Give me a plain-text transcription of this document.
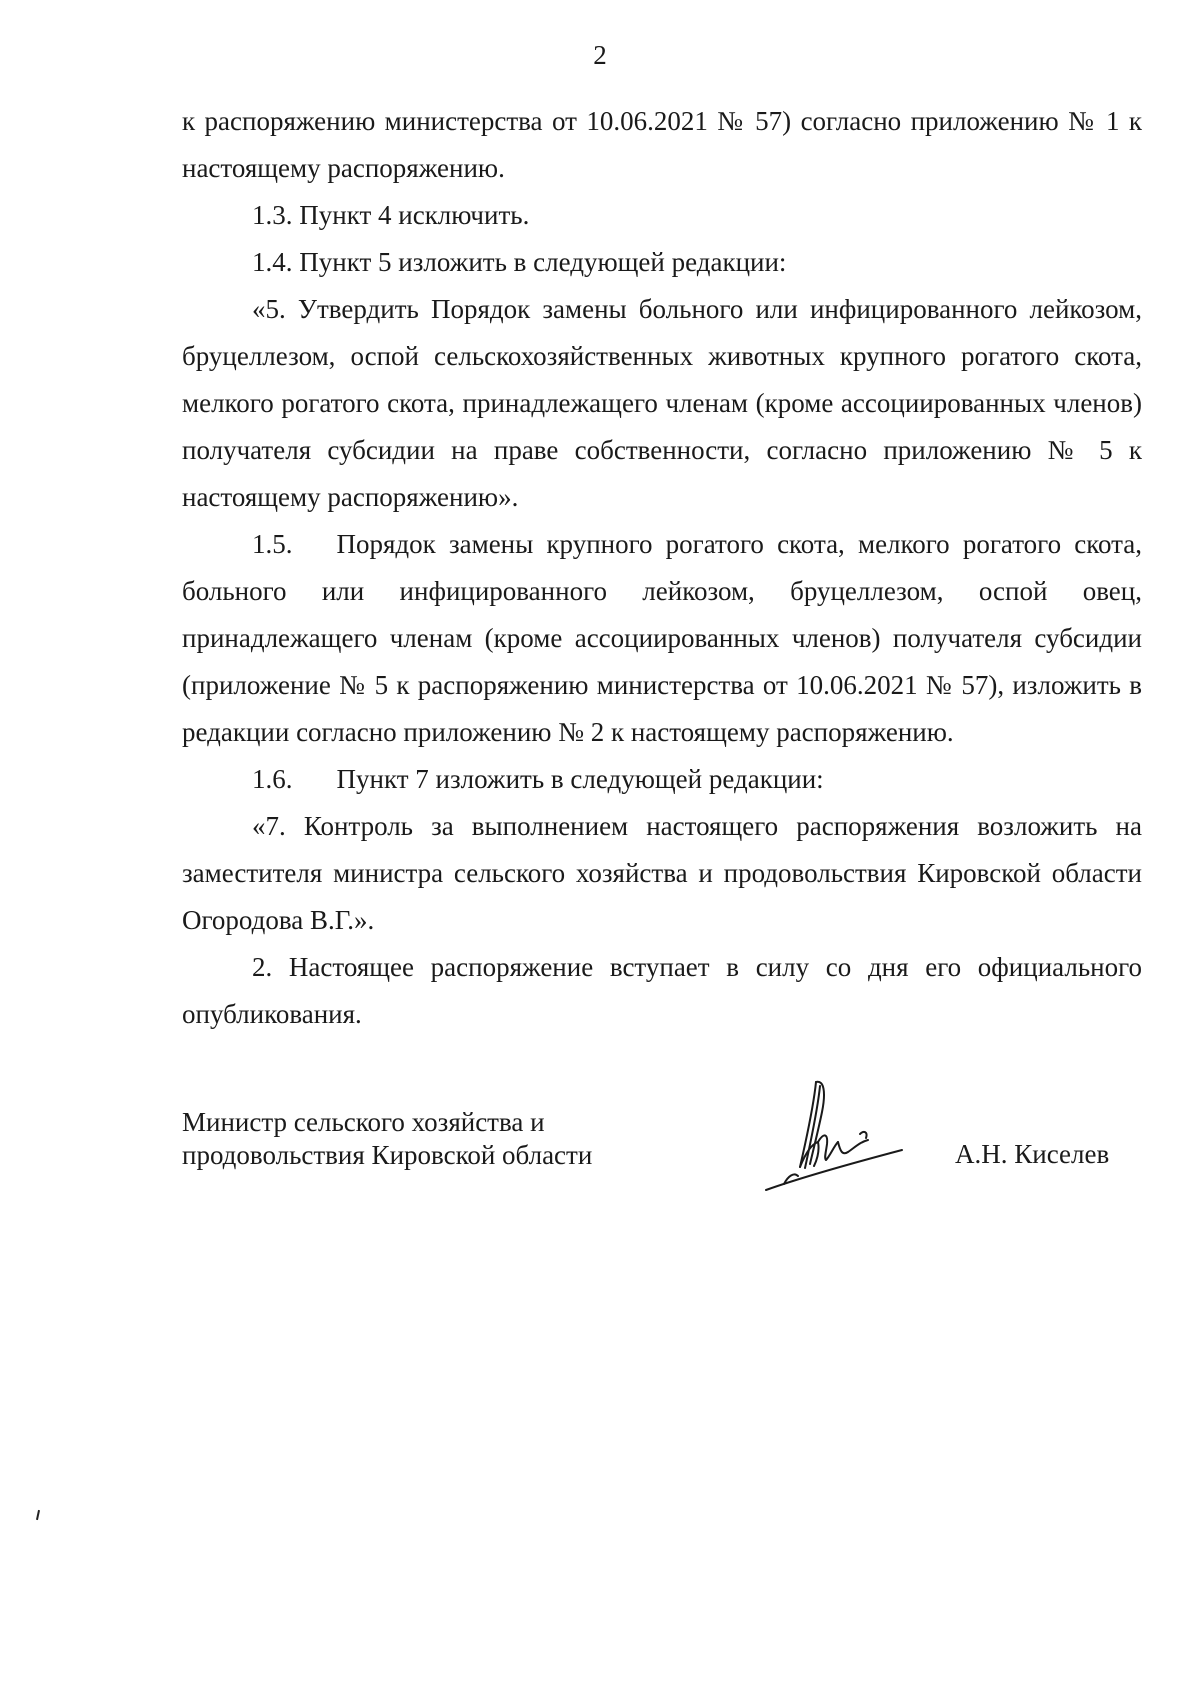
2

к распоряжению министерства от 10.06.2021 № 57) согласно приложению № 1 к настоящему распоряжению.

1.3. Пункт 4 исключить.

1.4. Пункт 5 изложить в следующей редакции:

«5. Утвердить Порядок замены больного или инфицированного лейкозом, бруцеллезом, оспой сельскохозяйственных животных крупного рогатого скота, мелкого рогатого скота, принадлежащего членам (кроме ассоциированных членов) получателя субсидии на праве собственности, согласно приложению № 5 к настоящему распоряжению».

1.5. Порядок замены крупного рогатого скота, мелкого рогатого скота, больного или инфицированного лейкозом, бруцеллезом, оспой овец, принадлежащего членам (кроме ассоциированных членов) получателя субсидии (приложение № 5 к распоряжению министерства от 10.06.2021 № 57), изложить в редакции согласно приложению № 2 к настоящему распоряжению.

1.6. Пункт 7 изложить в следующей редакции:

«7. Контроль за выполнением настоящего распоряжения возложить на заместителя министра сельского хозяйства и продовольствия Кировской области Огородова В.Г.».

2. Настоящее распоряжение вступает в силу со дня его официального опубликования.

Министр сельского хозяйства и
продовольствия Кировской области	А.Н. Киселев
